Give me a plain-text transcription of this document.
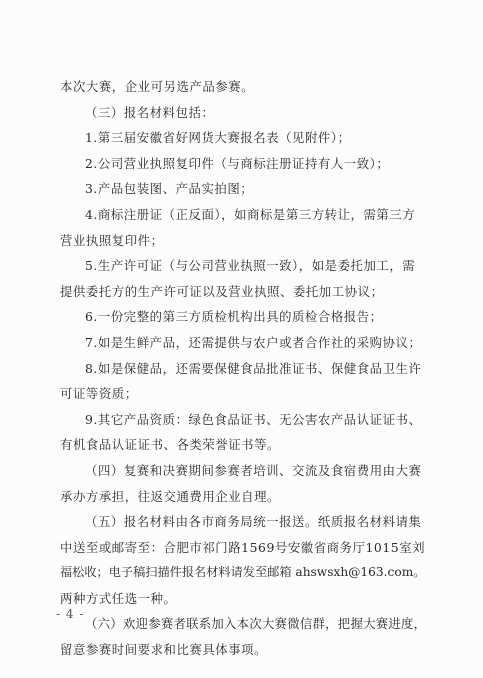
本次大赛，企业可另选产品参赛。
（三）报名材料包括：
1.第三届安徽省好网货大赛报名表（见附件）；
2.公司营业执照复印件（与商标注册证持有人一致）；
3.产品包装图、产品实拍图；
4.商标注册证（正反面），如商标是第三方转让，需第三方
营业执照复印件；
5.生产许可证（与公司营业执照一致），如是委托加工，需
提供委托方的生产许可证以及营业执照、委托加工协议；
6.一份完整的第三方质检机构出具的质检合格报告；
7.如是生鲜产品，还需提供与农户或者合作社的采购协议；
8.如是保健品，还需要保健食品批准证书、保健食品卫生许
可证等资质；
9.其它产品资质：绿色食品证书、无公害农产品认证证书、
有机食品认证证书、各类荣誉证书等。
（四）复赛和决赛期间参赛者培训、交流及食宿费用由大赛
承办方承担，往返交通费用企业自理。
（五）报名材料由各市商务局统一报送。纸质报名材料请集
中送至或邮寄至：合肥市祁门路1569号安徽省商务厅1015室刘
福松收；电子稿扫描件报名材料请发至邮箱 ahswsxh@163.com。
两种方式任选一种。
（六）欢迎参赛者联系加入本次大赛微信群，把握大赛进度，
留意参赛时间要求和比赛具体事项。
- 4 -
